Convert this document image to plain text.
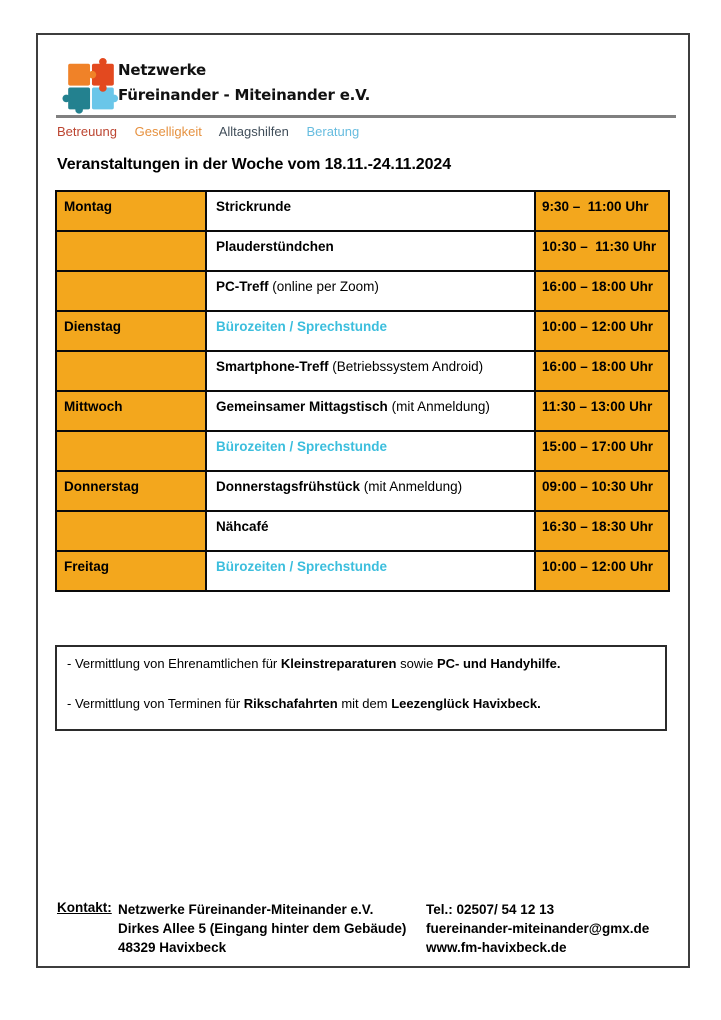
Netzwerke
Füreinander - Miteinander e.V.
Betreuung Geselligkeit Alltagshilfen Beratung
Veranstaltungen in der Woche vom 18.11.-24.11.2024
Montag	Strickrunde	9:30 –  11:00 Uhr
	Plauderstündchen	10:30 –  11:30 Uhr
	PC-Treff (online per Zoom)	16:00 – 18:00 Uhr
Dienstag	Bürozeiten / Sprechstunde	10:00 – 12:00 Uhr
	Smartphone-Treff (Betriebssystem Android)	16:00 – 18:00 Uhr
Mittwoch	Gemeinsamer Mittagstisch (mit Anmeldung)	11:30 – 13:00 Uhr
	Bürozeiten / Sprechstunde	15:00 – 17:00 Uhr
Donnerstag	Donnerstagsfrühstück (mit Anmeldung)	09:00 – 10:30 Uhr
	Nähcafé	16:30 – 18:30 Uhr
Freitag	Bürozeiten / Sprechstunde	10:00 – 12:00 Uhr
- Vermittlung von Ehrenamtlichen für Kleinstreparaturen sowie PC- und Handyhilfe.
- Vermittlung von Terminen für Rikschafahrten mit dem Leezenglück Havixbeck.
Kontakt: Netzwerke Füreinander-Miteinander e.V.
Dirkes Allee 5 (Eingang hinter dem Gebäude)
48329 Havixbeck
Tel.: 02507/ 54 12 13
fuereinander-miteinander@gmx.de
www.fm-havixbeck.de
